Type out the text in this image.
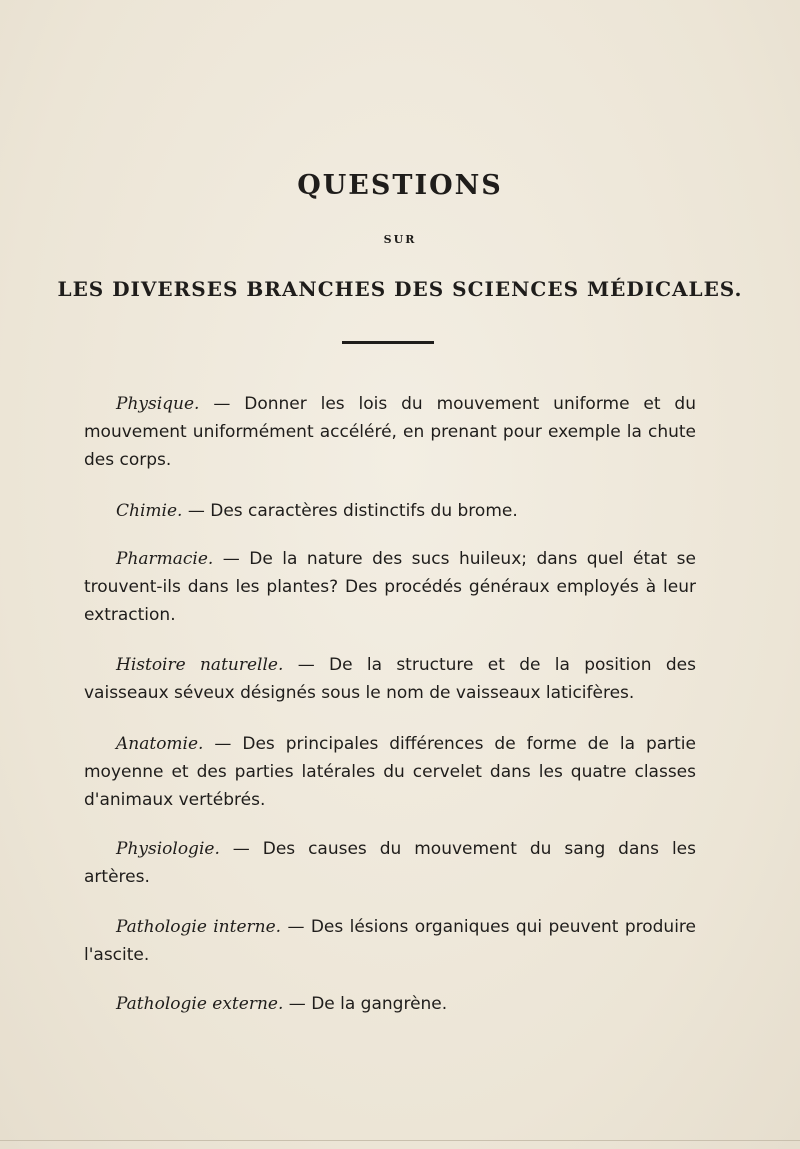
QUESTIONS
SUR
LES DIVERSES BRANCHES DES SCIENCES MÉDICALES.
Physique. — Donner les lois du mouvement uniforme et du mouvement uniformément accéléré, en prenant pour exemple la chute des corps.
Chimie. — Des caractères distinctifs du brome.
Pharmacie. — De la nature des sucs huileux; dans quel état se trouvent-ils dans les plantes? Des procédés généraux employés à leur extraction.
Histoire naturelle. — De la structure et de la position des vaisseaux séveux désignés sous le nom de vaisseaux laticifères.
Anatomie. — Des principales différences de forme de la partie moyenne et des parties latérales du cervelet dans les quatre classes d'animaux vertébrés.
Physiologie. — Des causes du mouvement du sang dans les artères.
Pathologie interne. — Des lésions organiques qui peuvent produire l'ascite.
Pathologie externe. — De la gangrène.
